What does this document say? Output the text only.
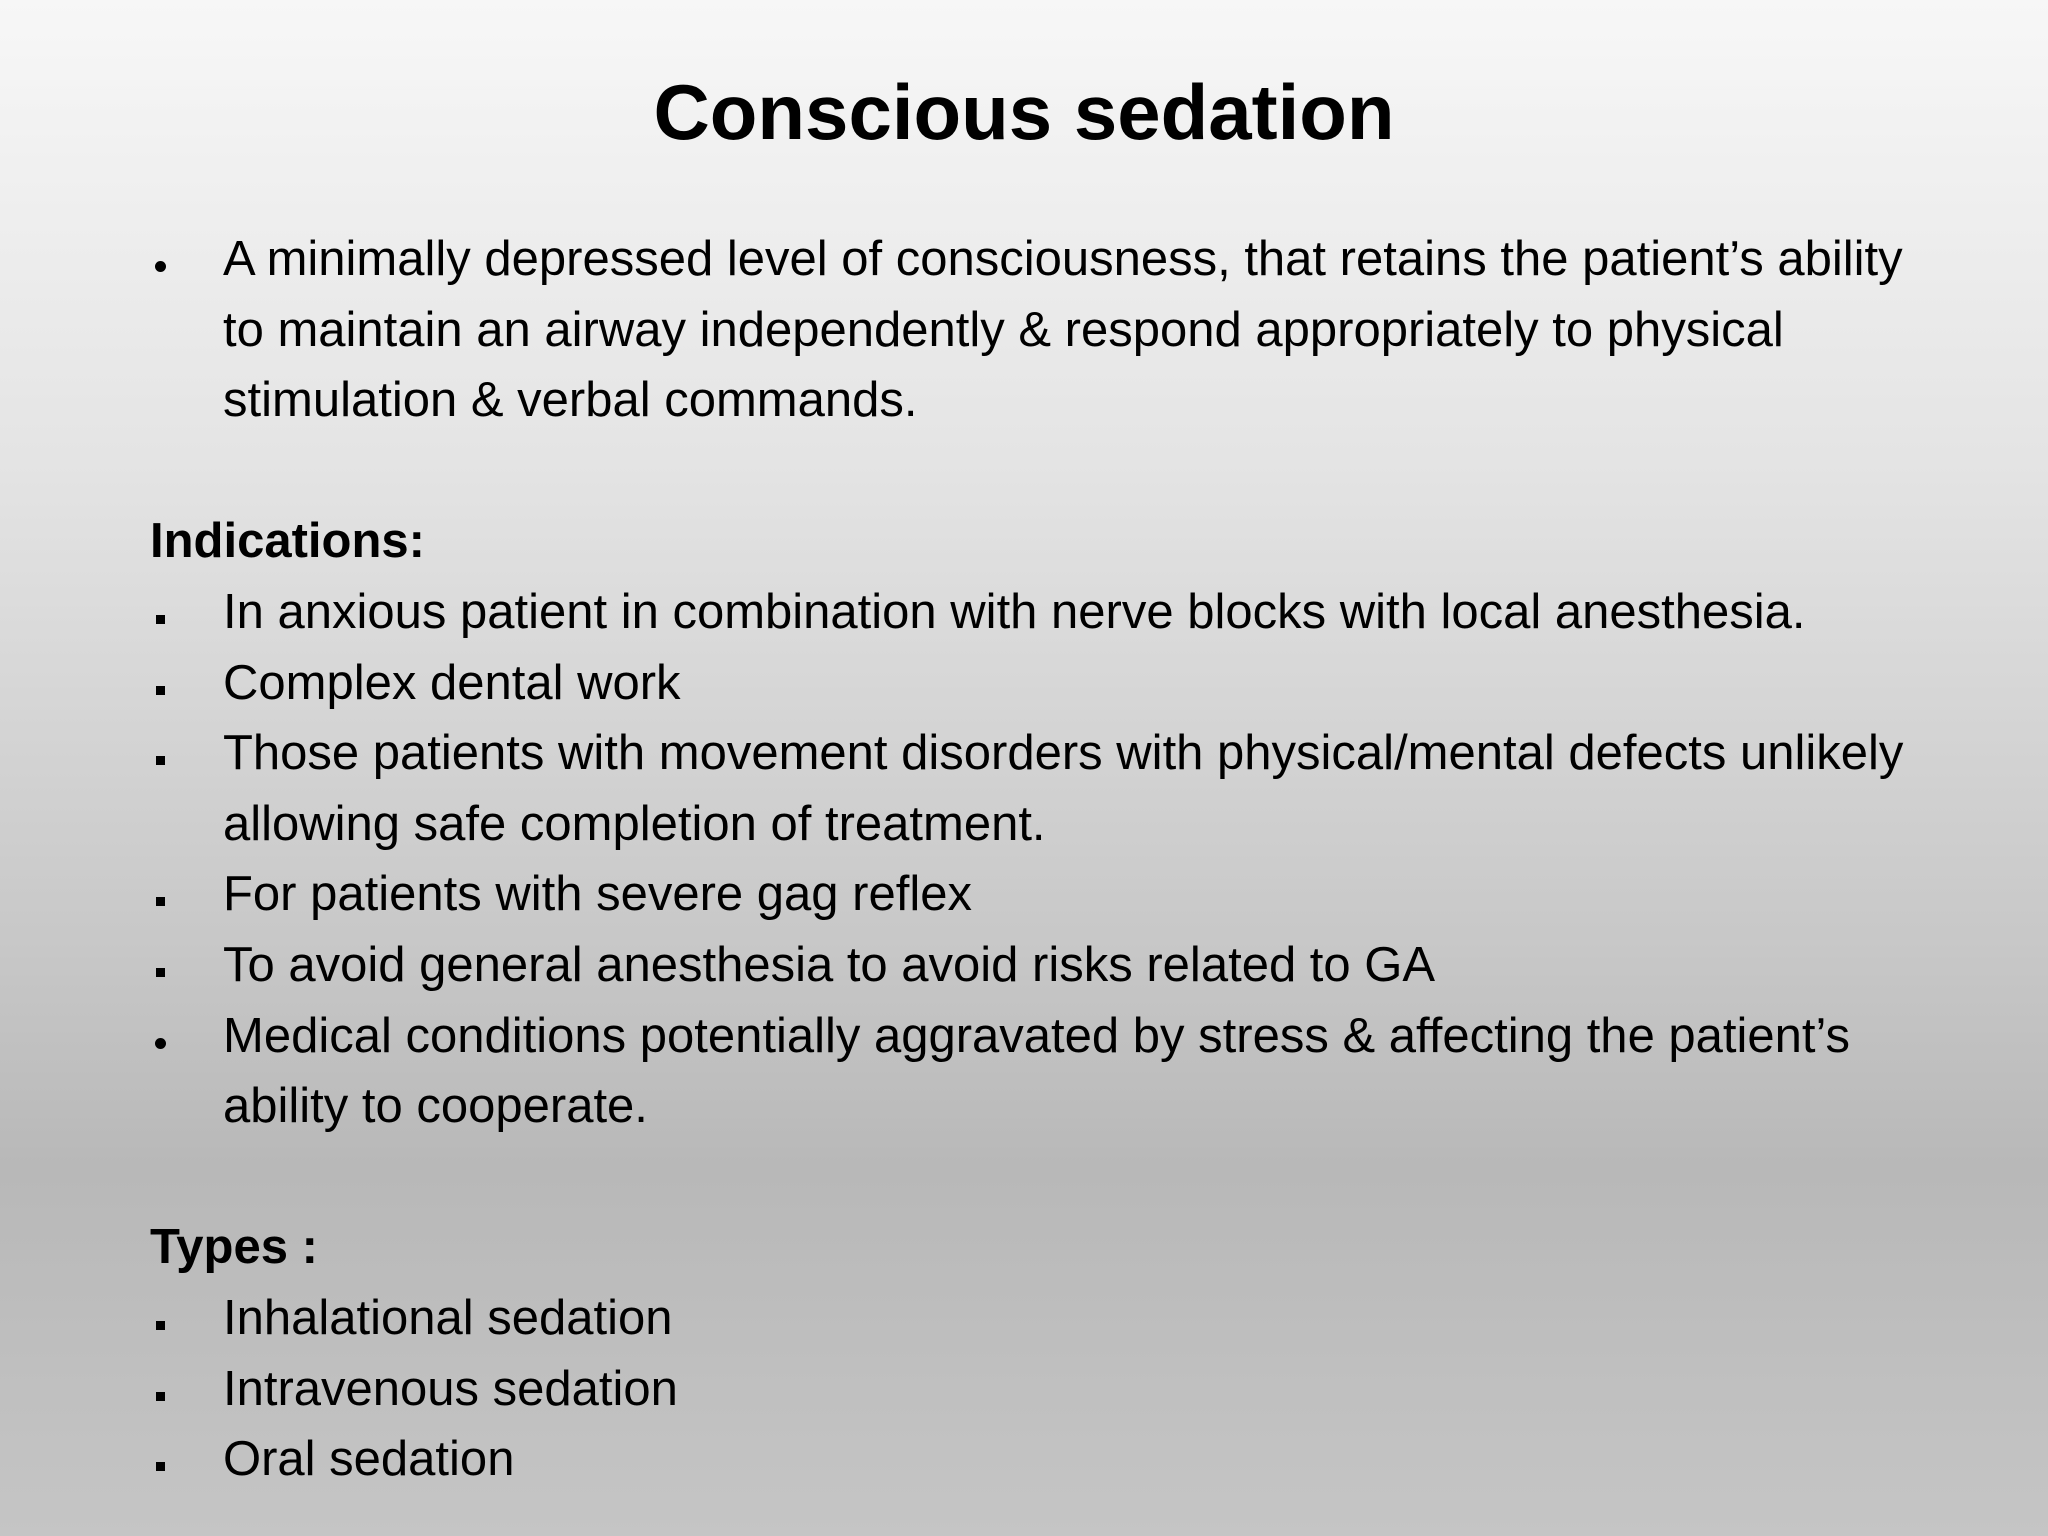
Conscious sedation
A minimally depressed level of consciousness, that retains the patient’s ability to maintain an airway independently & respond appropriately to physical stimulation & verbal commands.
Indications:
In anxious patient in combination with nerve blocks with local anesthesia.
Complex dental work
Those patients with movement disorders with physical/mental defects unlikely allowing safe completion of treatment.
For patients with severe gag reflex
To avoid general anesthesia to avoid risks related to GA
Medical conditions potentially aggravated by stress & affecting the patient’s ability to cooperate.
Types :
Inhalational sedation
Intravenous sedation
Oral sedation
